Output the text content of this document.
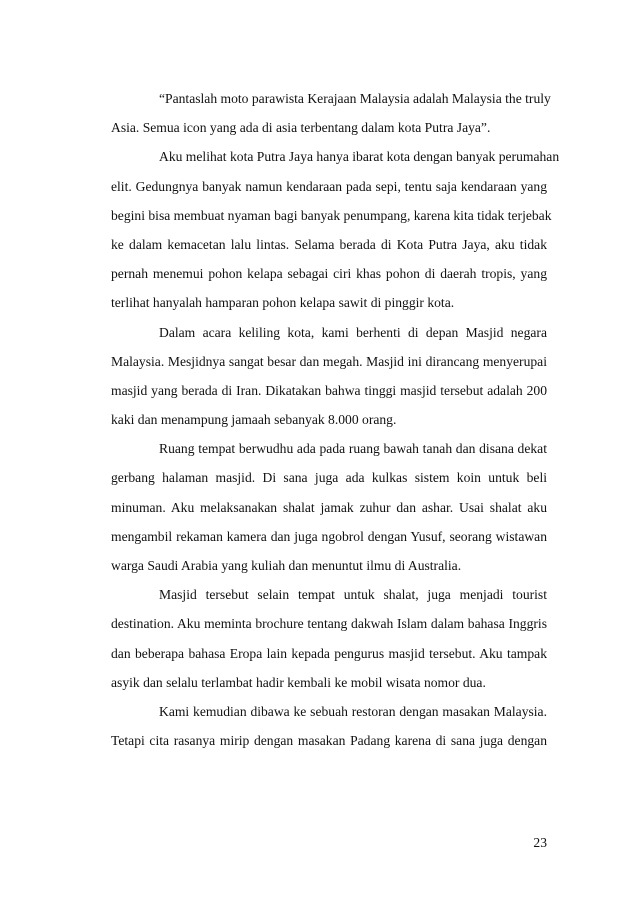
“Pantaslah moto parawista Kerajaan Malaysia adalah Malaysia the truly
Asia. Semua icon yang ada di asia terbentang dalam kota Putra Jaya”.
Aku melihat kota Putra Jaya hanya ibarat kota dengan banyak perumahan
elit. Gedungnya banyak namun kendaraan pada sepi, tentu saja kendaraan yang
begini bisa membuat nyaman bagi banyak penumpang, karena kita tidak terjebak
ke dalam kemacetan lalu lintas. Selama berada di Kota Putra Jaya, aku tidak
pernah menemui pohon kelapa sebagai ciri khas pohon di daerah tropis, yang
terlihat hanyalah hamparan pohon kelapa sawit di pinggir kota.
Dalam acara keliling kota, kami berhenti di depan Masjid negara
Malaysia. Mesjidnya sangat besar dan megah. Masjid ini dirancang menyerupai
masjid yang berada di Iran. Dikatakan bahwa tinggi masjid tersebut adalah 200
kaki dan menampung jamaah sebanyak 8.000 orang.
Ruang tempat berwudhu ada pada ruang bawah tanah dan disana dekat
gerbang halaman masjid. Di sana juga ada kulkas sistem koin untuk beli
minuman. Aku melaksanakan shalat jamak zuhur dan ashar. Usai shalat aku
mengambil rekaman kamera dan juga ngobrol dengan Yusuf, seorang wistawan
warga Saudi Arabia yang kuliah dan menuntut ilmu di Australia.
Masjid tersebut selain tempat untuk shalat, juga menjadi tourist
destination. Aku meminta brochure tentang dakwah Islam dalam bahasa Inggris
dan beberapa bahasa Eropa lain kepada pengurus masjid tersebut. Aku tampak
asyik dan selalu terlambat hadir kembali ke mobil wisata nomor dua.
Kami kemudian dibawa ke sebuah restoran dengan masakan Malaysia.
Tetapi cita rasanya mirip dengan masakan Padang karena di sana juga dengan
23
